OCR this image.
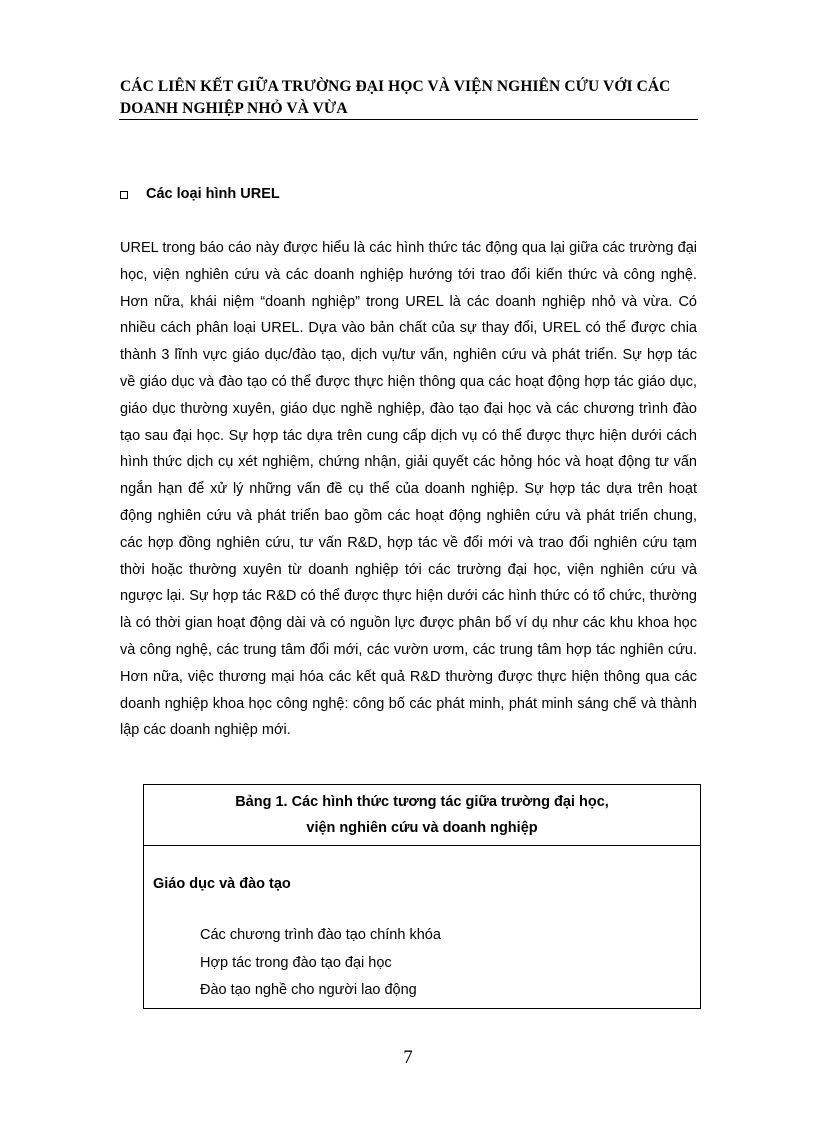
CÁC LIÊN KẾT GIỮA TRƯỜNG ĐẠI HỌC VÀ VIỆN NGHIÊN CỨU VỚI CÁC
DOANH NGHIỆP NHỎ VÀ VỪA
Các loại hình UREL
UREL trong báo cáo này được hiểu là các hình thức tác động qua lại giữa các trường đại học, viện nghiên cứu và các doanh nghiệp hướng tới trao đổi kiến thức và công nghệ. Hơn nữa, khái niệm “doanh nghiệp” trong UREL là các doanh nghiệp nhỏ và vừa. Có nhiều cách phân loại UREL. Dựa vào bản chất của sự thay đổi, UREL có thể được chia thành 3 lĩnh vực giáo dục/đào tạo, dịch vụ/tư vấn, nghiên cứu và phát triển. Sự hợp tác về giáo dục và đào tạo có thể được thực hiện thông qua các hoạt động hợp tác giáo dục, giáo dục thường xuyên, giáo dục nghề nghiệp, đào tạo đại học và các chương trình đào tạo sau đại học. Sự hợp tác dựa trên cung cấp dịch vụ có thể được thực hiện dưới cách hình thức dịch cụ xét nghiệm, chứng nhận, giải quyết các hỏng hóc và hoạt động tư vấn ngắn hạn để xử lý những vấn đề cụ thể của doanh nghiệp. Sự hợp tác dựa trên hoạt động nghiên cứu và phát triển bao gồm các hoạt động nghiên cứu và phát triển chung, các hợp đồng nghiên cứu, tư vấn R&D, hợp tác về đổi mới và trao đổi nghiên cứu tạm thời hoặc thường xuyên từ doanh nghiệp tới các trường đại học, viện nghiên cứu và ngược lại. Sự hợp tác R&D có thể được thực hiện dưới các hình thức có tổ chức, thường là có thời gian hoạt động dài và có nguồn lực được phân bổ ví dụ như các khu khoa học và công nghệ, các trung tâm đổi mới, các vườn ươm, các trung tâm hợp tác nghiên cứu. Hơn nữa, việc thương mại hóa các kết quả R&D thường được thực hiện thông qua các doanh nghiệp khoa học công nghệ: công bố các phát minh, phát minh sáng chế và thành lập các doanh nghiệp mới.
Bảng 1. Các hình thức tương tác giữa trường đại học,
viện nghiên cứu và doanh nghiệp
Giáo dục và đào tạo
Các chương trình đào tạo chính khóa
Hợp tác trong đào tạo đại học
Đào tạo nghề cho người lao động
7
